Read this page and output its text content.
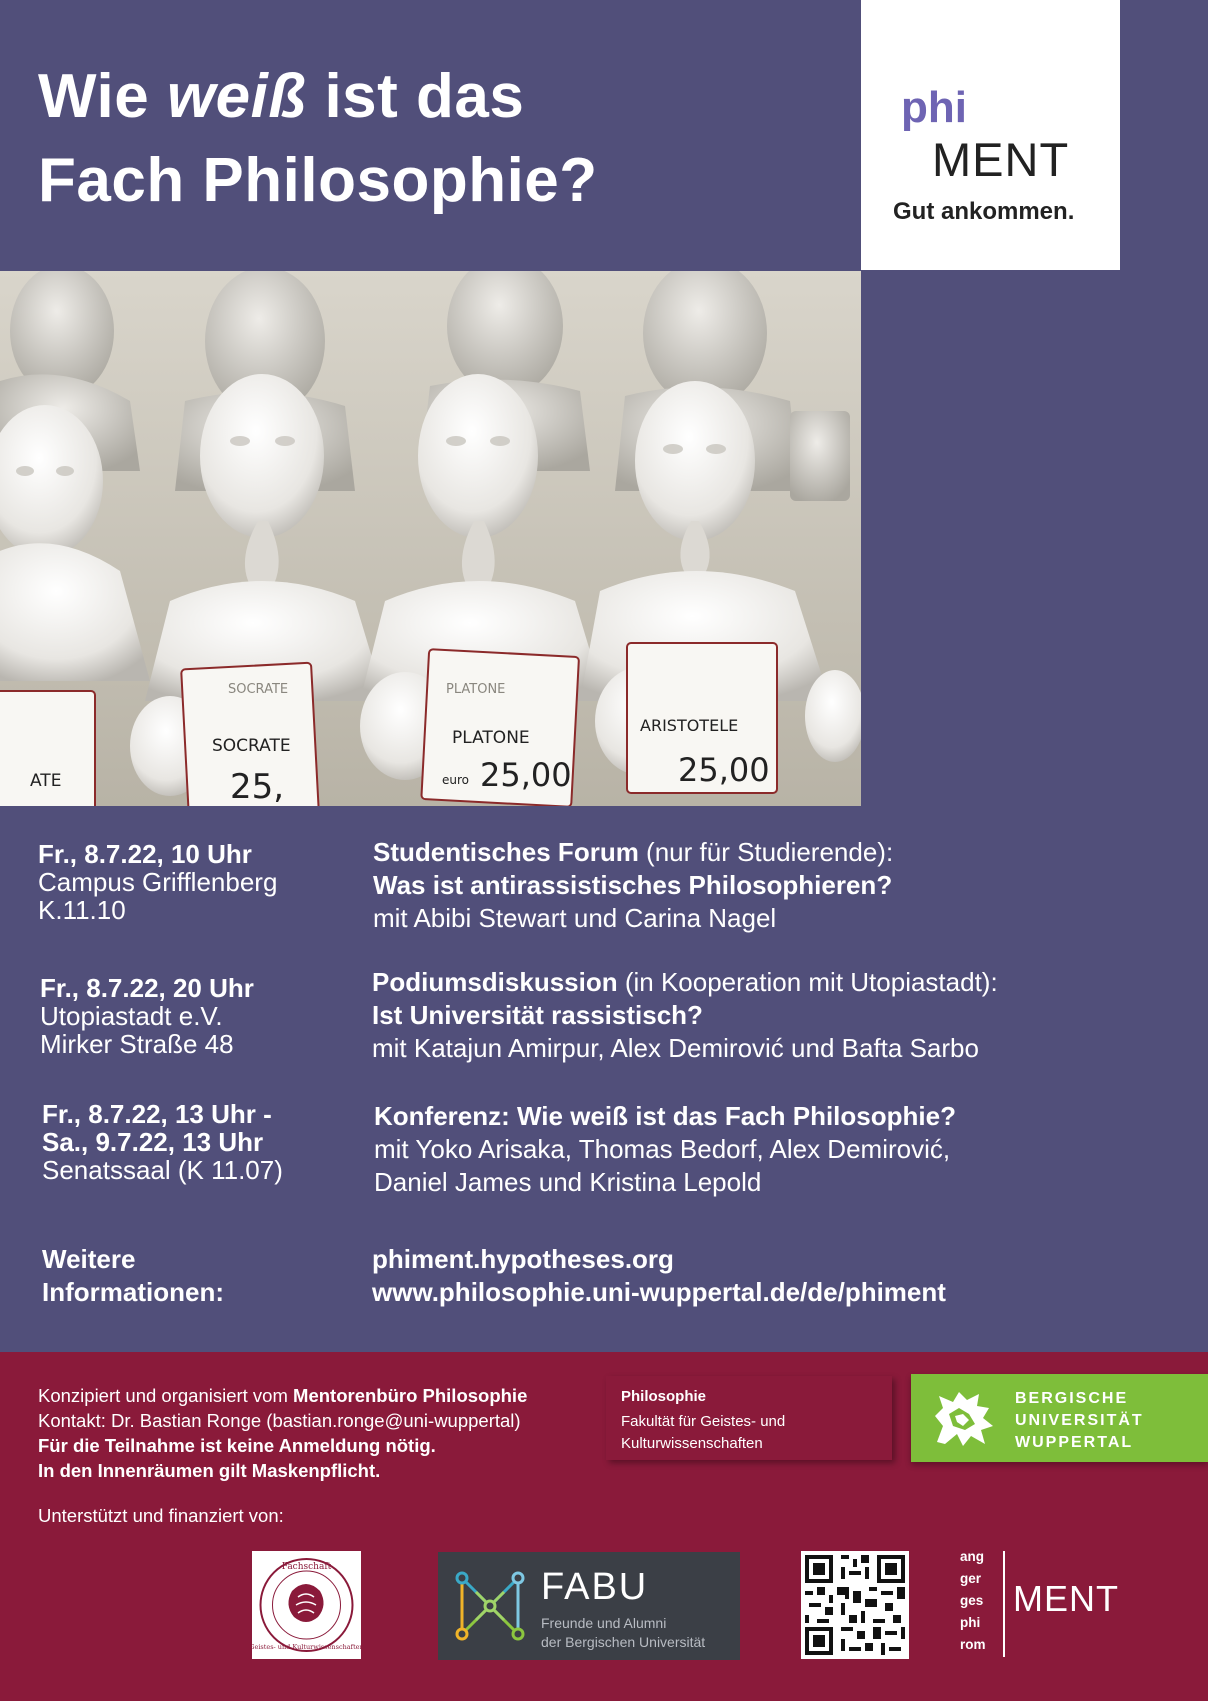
Wie weiß ist das
Fach Philosophie?
phi
MENT
Gut ankommen.
SOCRATE
25,
PLATONE
euro 25,00
ARISTOTELE
25,00
ATE
SOCRATE	PLATONE
Fr., 8.7.22, 10 Uhr
Campus Grifflenberg
K.11.10
Studentisches Forum (nur für Studierende):
Was ist antirassistisches Philosophieren?
mit Abibi Stewart und Carina Nagel
Fr., 8.7.22, 20 Uhr
Utopiastadt e.V.
Mirker Straße 48
Podiumsdiskussion (in Kooperation mit Utopiastadt):
Ist Universität rassistisch?
mit Katajun Amirpur, Alex Demirović und Bafta Sarbo
Fr., 8.7.22, 13 Uhr -
Sa., 9.7.22, 13 Uhr
Senatssaal (K 11.07)
Konferenz: Wie weiß ist das Fach Philosophie?
mit Yoko Arisaka, Thomas Bedorf, Alex Demirović,
Daniel James und Kristina Lepold
Weitere
Informationen:
phiment.hypotheses.org
www.philosophie.uni-wuppertal.de/de/phiment
Konzipiert und organisiert vom Mentorenbüro Philosophie
Kontakt: Dr. Bastian Ronge (bastian.ronge@uni-wuppertal)
Für die Teilnahme ist keine Anmeldung nötig.
In den Innenräumen gilt Maskenpflicht.
Philosophie
Fakultät für Geistes- und
Kulturwissenschaften
BERGISCHE
UNIVERSITÄT
WUPPERTAL
Unterstützt und finanziert von:
Fachschaft
Geistes- und Kulturwissenschaften
FABU
Freunde und Alumni
der Bergischen Universität
ang
ger
ges
phi
rom
MENT
